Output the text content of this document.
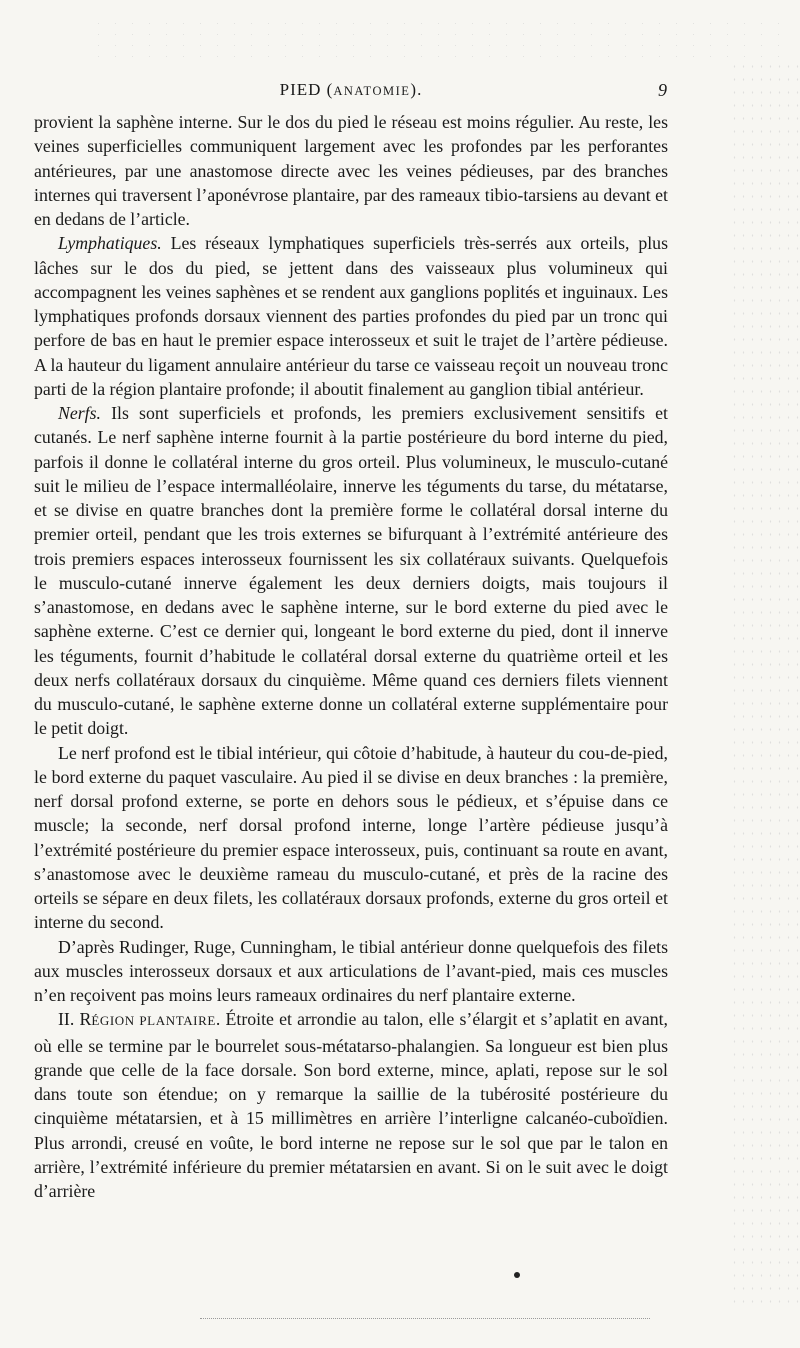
PIED (ANATOMIE).	9

provient la saphène interne. Sur le dos du pied le réseau est moins régulier. Au reste, les veines superficielles communiquent largement avec les profondes par les perforantes antérieures, par une anastomose directe avec les veines pédieuses, par des branches internes qui traversent l’aponévrose plantaire, par des rameaux tibio-tarsiens au devant et en dedans de l’article.

Lymphatiques. Les réseaux lymphatiques superficiels très-serrés aux orteils, plus lâches sur le dos du pied, se jettent dans des vaisseaux plus volumineux qui accompagnent les veines saphènes et se rendent aux ganglions poplités et inguinaux. Les lymphatiques profonds dorsaux viennent des parties profondes du pied par un tronc qui perfore de bas en haut le premier espace interosseux et suit le trajet de l’artère pédieuse. A la hauteur du ligament annulaire antérieur du tarse ce vaisseau reçoit un nouveau tronc parti de la région plantaire profonde; il aboutit finalement au ganglion tibial antérieur.

Nerfs. Ils sont superficiels et profonds, les premiers exclusivement sensitifs et cutanés. Le nerf saphène interne fournit à la partie postérieure du bord interne du pied, parfois il donne le collatéral interne du gros orteil. Plus volumineux, le musculo-cutané suit le milieu de l’espace intermalléolaire, innerve les téguments du tarse, du métatarse, et se divise en quatre branches dont la première forme le collatéral dorsal interne du premier orteil, pendant que les trois externes se bifurquant à l’extrémité antérieure des trois premiers espaces interosseux fournissent les six collatéraux suivants. Quelquefois le musculo-cutané innerve également les deux derniers doigts, mais toujours il s’anastomose, en dedans avec le saphène interne, sur le bord externe du pied avec le saphène externe. C’est ce dernier qui, longeant le bord externe du pied, dont il innerve les téguments, fournit d’habitude le collatéral dorsal externe du quatrième orteil et les deux nerfs collatéraux dorsaux du cinquième. Même quand ces derniers filets viennent du musculo-cutané, le saphène externe donne un collatéral externe supplémentaire pour le petit doigt.

Le nerf profond est le tibial intérieur, qui côtoie d’habitude, à hauteur du cou-de-pied, le bord externe du paquet vasculaire. Au pied il se divise en deux branches : la première, nerf dorsal profond externe, se porte en dehors sous le pédieux, et s’épuise dans ce muscle; la seconde, nerf dorsal profond interne, longe l’artère pédieuse jusqu’à l’extrémité postérieure du premier espace interosseux, puis, continuant sa route en avant, s’anastomose avec le deuxième rameau du musculo-cutané, et près de la racine des orteils se sépare en deux filets, les collatéraux dorsaux profonds, externe du gros orteil et interne du second.

D’après Rudinger, Ruge, Cunningham, le tibial antérieur donne quelquefois des filets aux muscles interosseux dorsaux et aux articulations de l’avant-pied, mais ces muscles n’en reçoivent pas moins leurs rameaux ordinaires du nerf plantaire externe.

II. RÉGION PLANTAIRE. Étroite et arrondie au talon, elle s’élargit et s’aplatit en avant, où elle se termine par le bourrelet sous-métatarso-phalangien. Sa longueur est bien plus grande que celle de la face dorsale. Son bord externe, mince, aplati, repose sur le sol dans toute son étendue; on y remarque la saillie de la tubérosité postérieure du cinquième métatarsien, et à 15 millimètres en arrière l’interligne calcanéo-cuboïdien. Plus arrondi, creusé en voûte, le bord interne ne repose sur le sol que par le talon en arrière, l’extrémité inférieure du premier métatarsien en avant. Si on le suit avec le doigt d’arrière
